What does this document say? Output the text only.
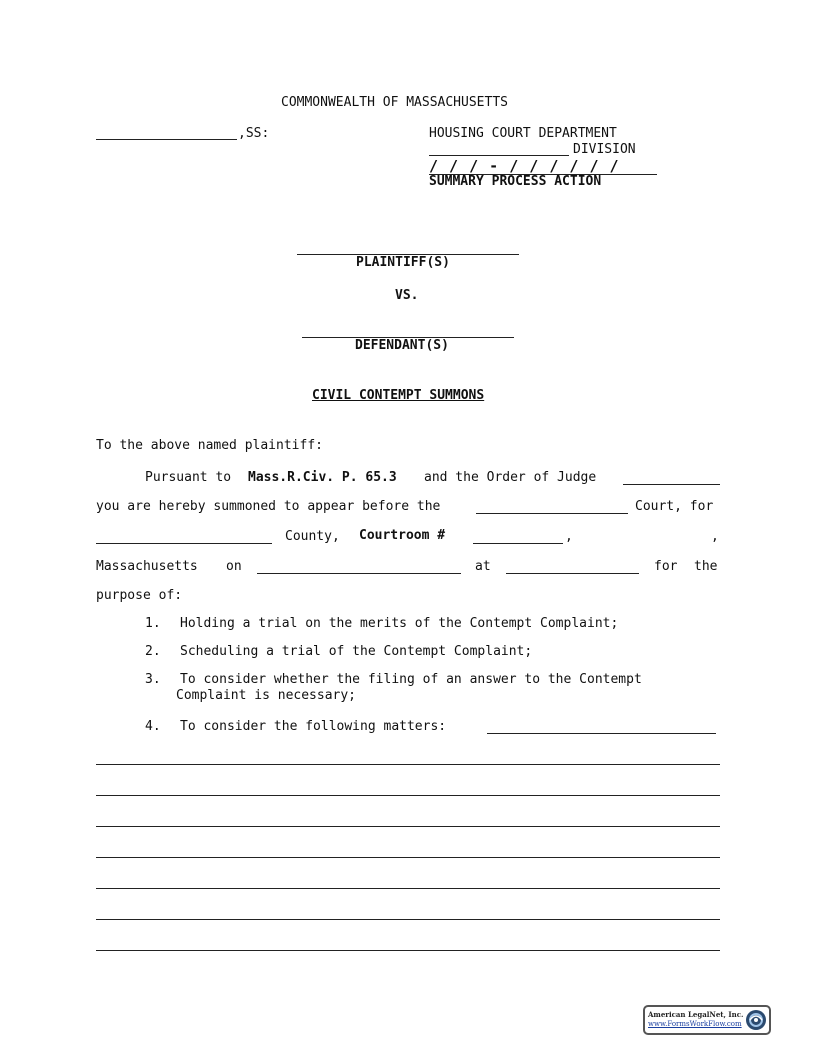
COMMONWEALTH OF MASSACHUSETTS
,SS:	HOUSING COURT DEPARTMENT
DIVISION
/ / / - / / / / / /
SUMMARY PROCESS ACTION
PLAINTIFF(S)
VS.
DEFENDANT(S)
CIVIL CONTEMPT SUMMONS
To the above named plaintiff:
Pursuant to Mass.R.Civ. P. 65.3 and the Order of Judge
you are hereby summoned to appear before the	Court, for
County, Courtroom #	,	,
Massachusetts on	at	for the
purpose of:
1. Holding a trial on the merits of the Contempt Complaint;
2. Scheduling a trial of the Contempt Complaint;
3. To consider whether the filing of an answer to the Contempt
Complaint is necessary;
4. To consider the following matters:
American LegalNet, Inc.
www.FormsWorkFlow.com
